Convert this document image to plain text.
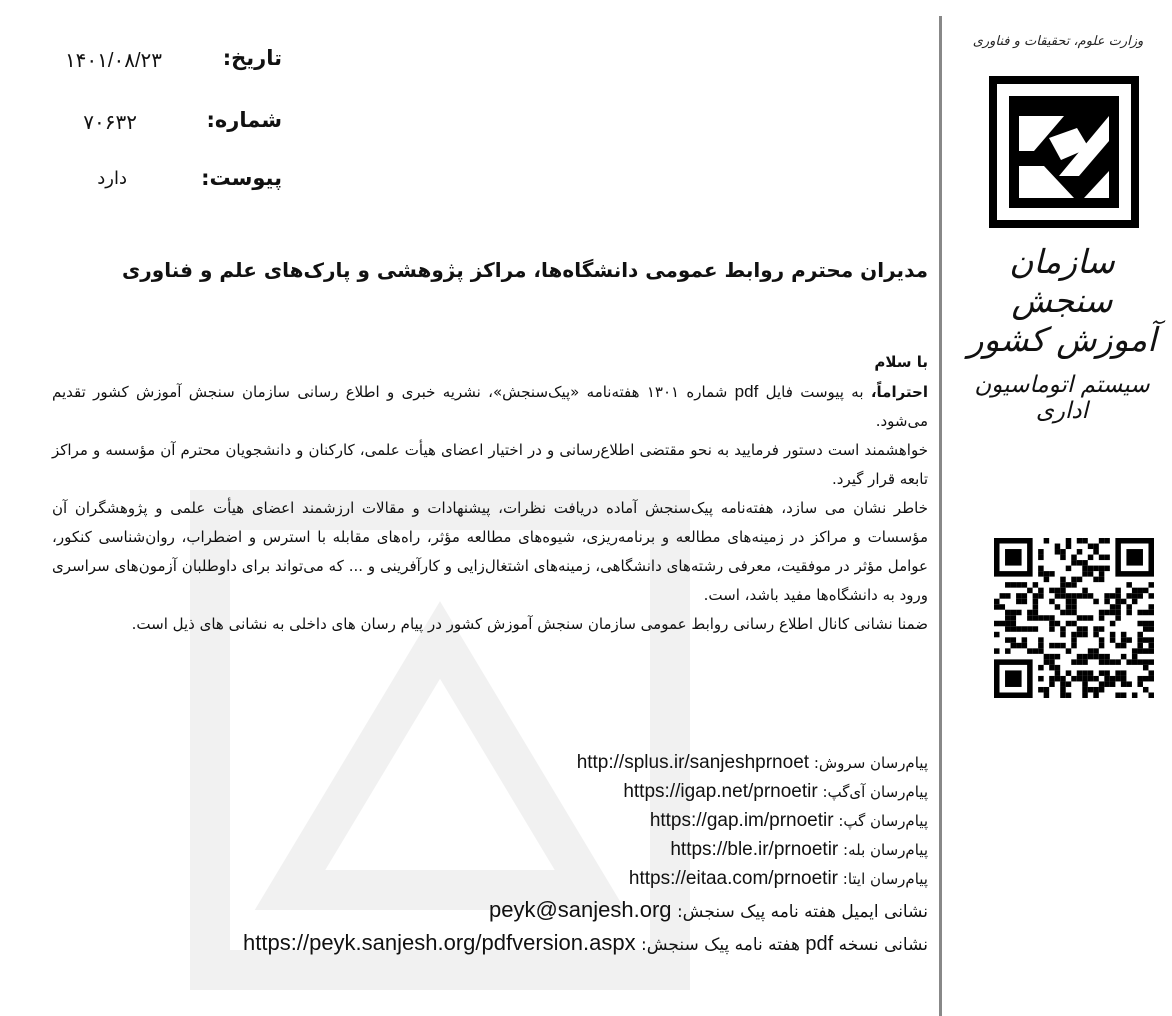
وزارت علوم، تحقیقات و فناوری
سازمان سنجش آموزش کشور
سیستم اتوماسیون اداری
تاریخ:
۱۴۰۱/۰۸/۲۳
شماره:
۷۰۶۳۲
پیوست:
دارد
مدیران محترم روابط عمومی دانشگاه‌ها، مراکز پژوهشی و پارک‌های علم و فناوری

با سلام

احتراماً، به پیوست فایل pdf شماره ۱۳۰۱ هفته‌نامه «پیک‌سنجش»، نشریه خبری و اطلاع رسانی سازمان سنجش آموزش کشور تقدیم می‌شود.

خواهشمند است دستور فرمایید به نحو مقتضی اطلاع‌رسانی و در اختیار اعضای هیأت علمی، کارکنان و دانشجویان محترم آن مؤسسه و مراکز تابعه قرار گیرد.

خاطر نشان می سازد، هفته‌نامه پیک‌سنجش آماده دریافت نظرات، پیشنهادات و مقالات ارزشمند اعضای هیأت علمی و پژوهشگران آن مؤسسات و مراکز در زمینه‌های مطالعه و برنامه‌ریزی، شیوه‌های مطالعه مؤثر، راه‌های مقابله با استرس و اضطراب، روان‌شناسی کنکور، عوامل مؤثر در موفقیت، معرفی رشته‌های دانشگاهی، زمینه‌های اشتغال‌زایی و کارآفرینی و ... که می‌تواند برای داوطلبان آزمون‌های سراسری ورود به دانشگاه‌ها مفید باشد، است.

ضمنا نشانی کانال اطلاع رسانی روابط عمومی سازمان سنجش آموزش کشور در پیام رسان های داخلی به نشانی های ذیل است.

پیام‌رسان سروش: http://splus.ir/sanjeshprnoet
پیام‌رسان آی‌گپ: https://igap.net/prnoetir
پیام‌رسان گپ: https://gap.im/prnoetir
پیام‌رسان بله: https://ble.ir/prnoetir
پیام‌رسان ایتا: https://eitaa.com/prnoetir
نشانی ایمیل هفته نامه پیک سنجش: peyk@sanjesh.org
نشانی نسخه pdf هفته نامه پیک سنجش: https://peyk.sanjesh.org/pdfversion.aspx
